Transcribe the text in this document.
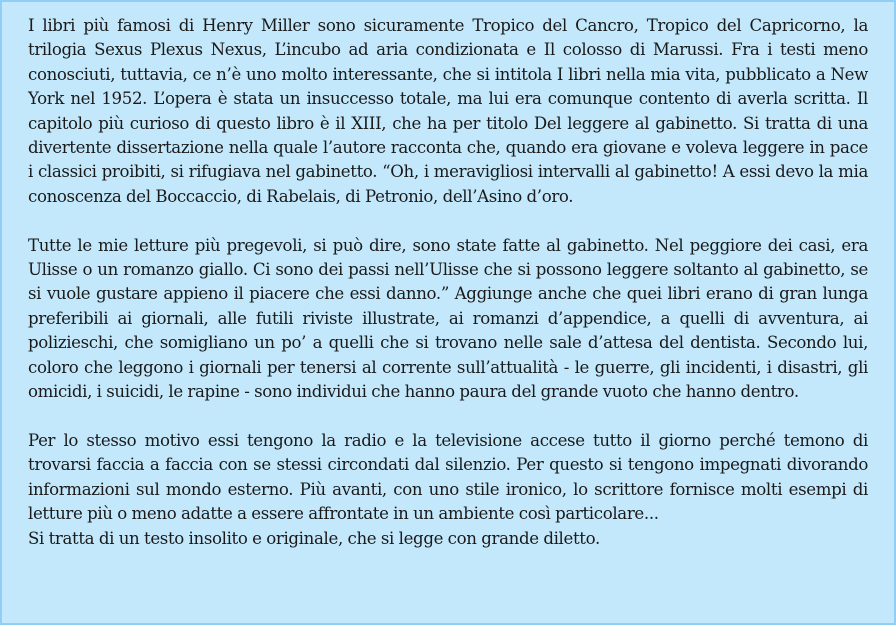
I libri più famosi di Henry Miller sono sicuramente Tropico del Cancro, Tropico del Capricorno, la trilogia Sexus Plexus Nexus, L’incubo ad aria condizionata e Il colosso di Marussi. Fra i testi meno conosciuti, tuttavia, ce n’è uno molto interessante, che si intitola I libri nella mia vita, pubblicato a New York nel 1952. L’opera è stata un insuccesso totale, ma lui era comunque contento di averla scritta. Il capitolo più curioso di questo libro è il XIII, che ha per titolo Del leggere al gabinetto. Si tratta di una divertente dissertazione nella quale l’autore racconta che, quando era giovane e voleva leggere in pace i classici proibiti, si rifugiava nel gabinetto. “Oh, i meravigliosi intervalli al gabinetto! A essi devo la mia conoscenza del Boccaccio, di Rabelais, di Petronio, dell’Asino d’oro.

Tutte le mie letture più pregevoli, si può dire, sono state fatte al gabinetto. Nel peggiore dei casi, era Ulisse o un romanzo giallo. Ci sono dei passi nell’Ulisse che si possono leggere soltanto al gabinetto, se si vuole gustare appieno il piacere che essi danno.” Aggiunge anche che quei libri erano di gran lunga preferibili ai giornali, alle futili riviste illustrate, ai romanzi d’appendice, a quelli di avventura, ai polizieschi, che somigliano un po’ a quelli che si trovano nelle sale d’attesa del dentista. Secondo lui, coloro che leggono i giornali per tenersi al corrente sull’attualità - le guerre, gli incidenti, i disastri, gli omicidi, i suicidi, le rapine - sono individui che hanno paura del grande vuoto che hanno dentro.

Per lo stesso motivo essi tengono la radio e la televisione accese tutto il giorno perché temono di trovarsi faccia a faccia con se stessi circondati dal silenzio. Per questo si tengono impegnati divorando informazioni sul mondo esterno. Più avanti, con uno stile ironico, lo scrittore fornisce molti esempi di letture più o meno adatte a essere affrontate in un ambiente così particolare...

Si tratta di un testo insolito e originale, che si legge con grande diletto.
